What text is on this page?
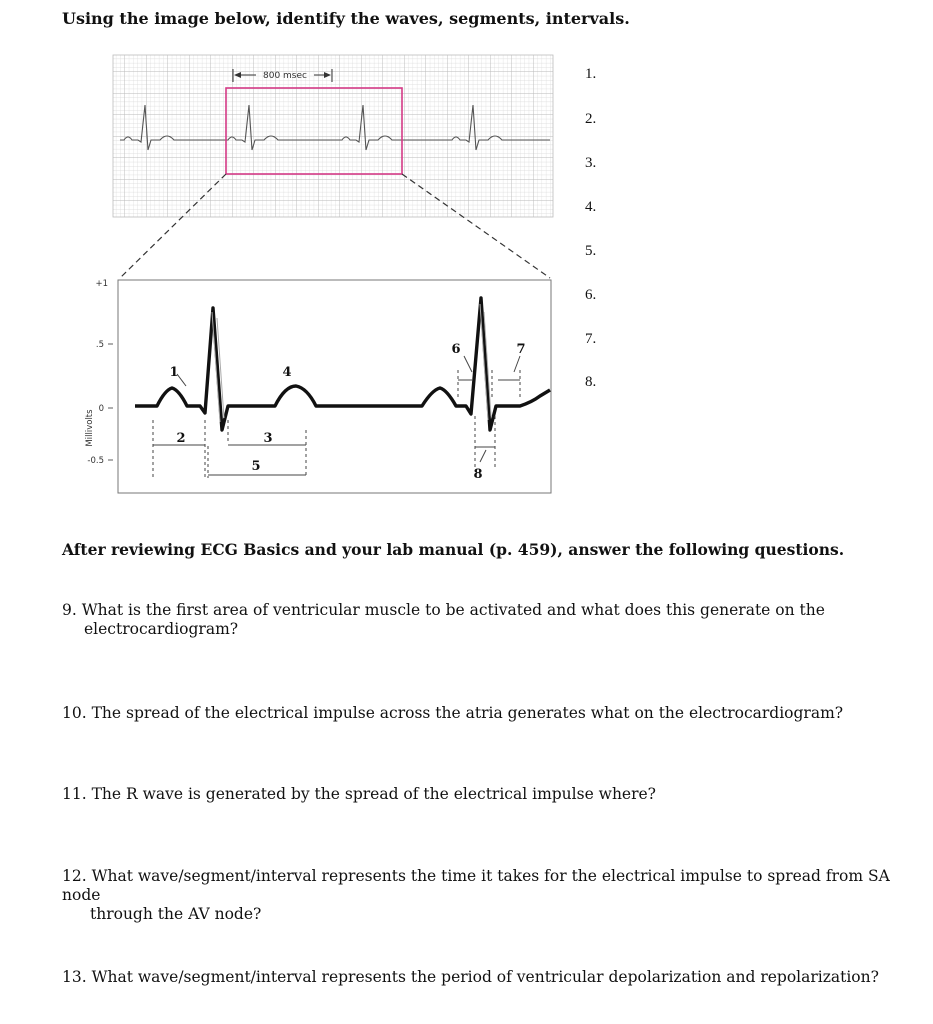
Using the image below, identify the waves, segments, intervals.
800 msec
Millivolts
+1
.5
0
-0.5
1
2	3
4
5
6	7
8
1.
2.
3.
4.
5.
6.
7.
8.
After reviewing ECG Basics and your lab manual (p. 459), answer the following questions.
9. What is the first area of ventricular muscle to be activated and what does this generate on the
electrocardiogram?
10. The spread of the electrical impulse across the atria generates what on the electrocardiogram?
11. The R wave is generated by the spread of the electrical impulse where?
12. What wave/segment/interval represents the time it takes for the electrical impulse to spread from SA node
through the AV node?
13. What wave/segment/interval represents the period of ventricular depolarization and repolarization?
